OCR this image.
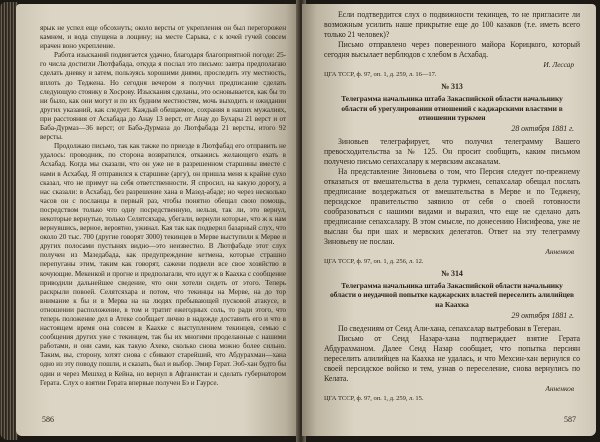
ярык не успел еще обсохнуть; около версты от укрепления он был перегорожен камнем, и вода спущена в лощину; на месте Сарыка, с к ючей гучей совсем ирачен воно укрепление.

Работа изысканий подвигается удачно, благодаря благоприятной погоде: 25-го числа достигли Лютфабада, откуда я послал это письмо: завтра предполагаю сделать дневку и затем, пользуясь хорошими днями, проследить эту местность, вплоть до Теджена. Но сегодня вечером я получил предписание сделать следующую стоянку в Хосрову. Изыскания сделаны, это основывается, как бы то ни было, как они могут и по их будним местностям, мочь выходить и ожидании других указаний, как следует. Каждый обещаемое, сохраняя в наших мужалиях, при расстояния от Асхабада до Анау 13 верст, от Анау до Бухары 21 верст и от Баба-Дурмаз—36 верст; от Баба-Дурмаза до Лютфабада 21 версты, итого 92 версты.

Продолжаю письмо, так как также по приезде в Лютфабад его отправить не удалось: проводник, по сторона возвратился, откажись желающего ехать в Асхабад. Когда мы сказали, что он уже не в разрешенном старшины вместе с нами в Асхабад. Я отправился к старшине (аргу), он пришла меня к крайне сухо сказал, что не примут на себя ответственности. Я спросил, на какую дорогу, а нас сказали: в Асхабад, без разрешение хана в Мазед-абаде; но через несколько часов он с посланцы в первый раз, чтобы понятно обещал свою помощь, посредством только что одну посредственную, нельзя, так ли, это вернул, некоторые вернутые, только Селятсяхара, убегали, вернули которые, что ж к нам вернувшись, верное, вероятно, ужинал. Кая так как подверил базарный слух, что около 20 тыс. 700 (другие говорят 3000) текинцев в Мерве выступили к Мерве и других полосами пустынях видно—это неизвестно. В Лютфабаде этот слух получен из Мазедабада, как предупреждение кетмена, которые страшно перепуганы этим, таким как говорят, сажени подвели все свое хозяйство в кочующие. Мекенкой и прогне и предполагали, что идут ж в Каахка с сообщение приводили дальнейшее сведение, что они хотели сидеть от этого. Теперь раскрыли повоей. Селятсяхара и потом, что текинцы на Мерве, на до тор внимание к бы и в Мерва на на людях пребывающей пусковой атакусе, в отношении расположение, в том и тратит ежегодных соль, то ради этого, что теперь положение дел в Атеке сообщает лично в надежде доставить его и что в настоящем время она совсем в Каахке с выступлением текинцев, семью с сообщения других уже с текинцем, так бы их многими проделанные с нашими работами, и они сами, как такую Ахеке, сколько снова можно более сильно. Таким, вы, сторону, хотят снова с сбивают старейший, что Абдурахман—хана одно из эту поводу пошли, и сказать, был и выбор. Эмир Герат. Эоб-хан будто бы один и через Мешхед в Кейна, но вернул в Афганистан и сделать губернатором Герата. Слух о взятии Герата впервые получен Бэ и Гаурсе.

586

Если подтвердится слух о подвижности текинцев, то не пригласите ли возможным усилить наше прикрытие еще до 100 казаков (т.е. иметь всего только 21 человек)?

Письмо отправлено через поверенного майора Корицкого, который сегодня высылает верблюдов с хлебом в Асхабад.

И. Лессар
ЦГА ТССР, ф. 97, оп. 1, д. 259, л. 16—17.
№ 313
Телеграмма начальника штаба Закаспийской области начальнику области об урегулировании отношений с каджарскими властями в отношении туркмен
28 октября 1881 г.

Зиновьев телеграфирует, что получил телеграмму Вашего превосходительства за № 125. Он просит сообщить, каким письмом получено письмо сепахсалару к мервским аксакалам.

На представление Зиновьева о том, что Персия следует по-прежнему отказаться от вмешательства в дела туркмен, сепахсалар обещал послать предписание воздержаться от вмешательства в Мерве и по Теджену, персидское правительство заявило от себя о своей готовности сообразоваться с нашими видами и выразил, что еще не сделано дать предписание сепахсалару. В этом смысле, по донесению Нисифеова, уже не выслан бы при шах и мервских делегатов. Ответ на эту телеграмму Зиновьеву не послан.

Анненков
ЦГА ТССР, ф. 97, оп. 1, д. 256, л. 12.
№ 314
Телеграмма начальника штаба Закаспийской области начальнику области о неудачной попытке каджарских властей переселить алилийцев на Каахка
29 октября 1881 г.

По сведениям от Сеид Али-хана, сепахсалар вытребован в Тегеран.

Письмо от Сеид Назара-хана подтверждает взятие Герата Абдурахманом. Далее Сеид Назар сообщает, что попытка персиян переселить алилийцев на Каахка не удалась, и что Мехсин-хан вернулся со своей персидское войско и тем, узнав о переселение, снова вернулись по Келата.

Анненков
ЦГА ТССР, ф. 97, оп. 1, д. 259, л. 15.
587
